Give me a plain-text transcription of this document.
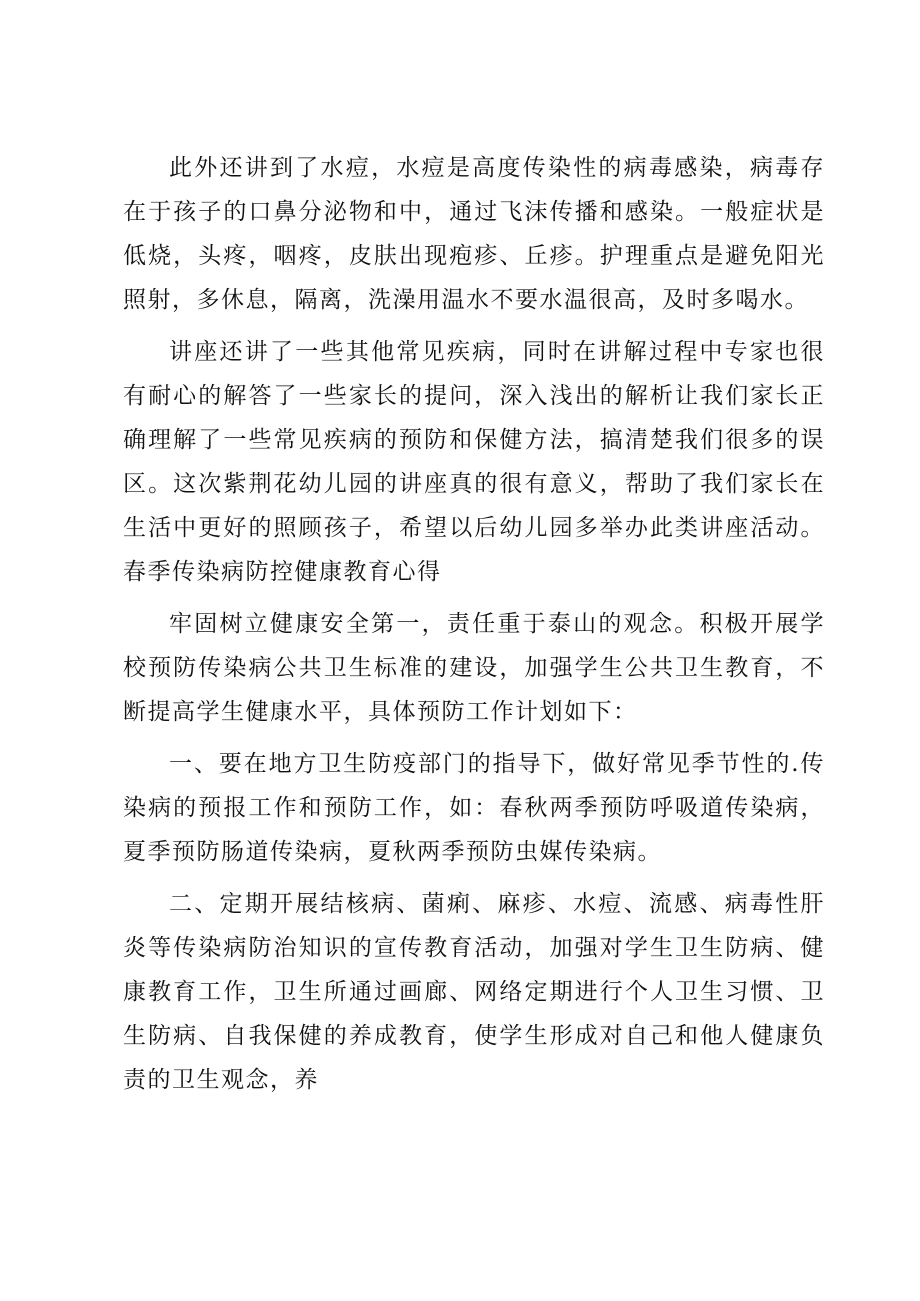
此外还讲到了水痘，水痘是高度传染性的病毒感染，病毒存在于孩子的口鼻分泌物和中，通过飞沫传播和感染。一般症状是低烧，头疼，咽疼，皮肤出现疱疹、丘疹。护理重点是避免阳光照射，多休息，隔离，洗澡用温水不要水温很高，及时多喝水。

讲座还讲了一些其他常见疾病，同时在讲解过程中专家也很有耐心的解答了一些家长的提问，深入浅出的解析让我们家长正确理解了一些常见疾病的预防和保健方法，搞清楚我们很多的误区。这次紫荆花幼儿园的讲座真的很有意义，帮助了我们家长在生活中更好的照顾孩子，希望以后幼儿园多举办此类讲座活动。春季传染病防控健康教育心得

牢固树立健康安全第一，责任重于泰山的观念。积极开展学校预防传染病公共卫生标准的建设，加强学生公共卫生教育，不断提高学生健康水平，具体预防工作计划如下：

一、要在地方卫生防疫部门的指导下，做好常见季节性的.传染病的预报工作和预防工作，如：春秋两季预防呼吸道传染病，夏季预防肠道传染病，夏秋两季预防虫媒传染病。

二、定期开展结核病、菌痢、麻疹、水痘、流感、病毒性肝炎等传染病防治知识的宣传教育活动，加强对学生卫生防病、健康教育工作，卫生所通过画廊、网络定期进行个人卫生习惯、卫生防病、自我保健的养成教育，使学生形成对自己和他人健康负责的卫生观念，养
